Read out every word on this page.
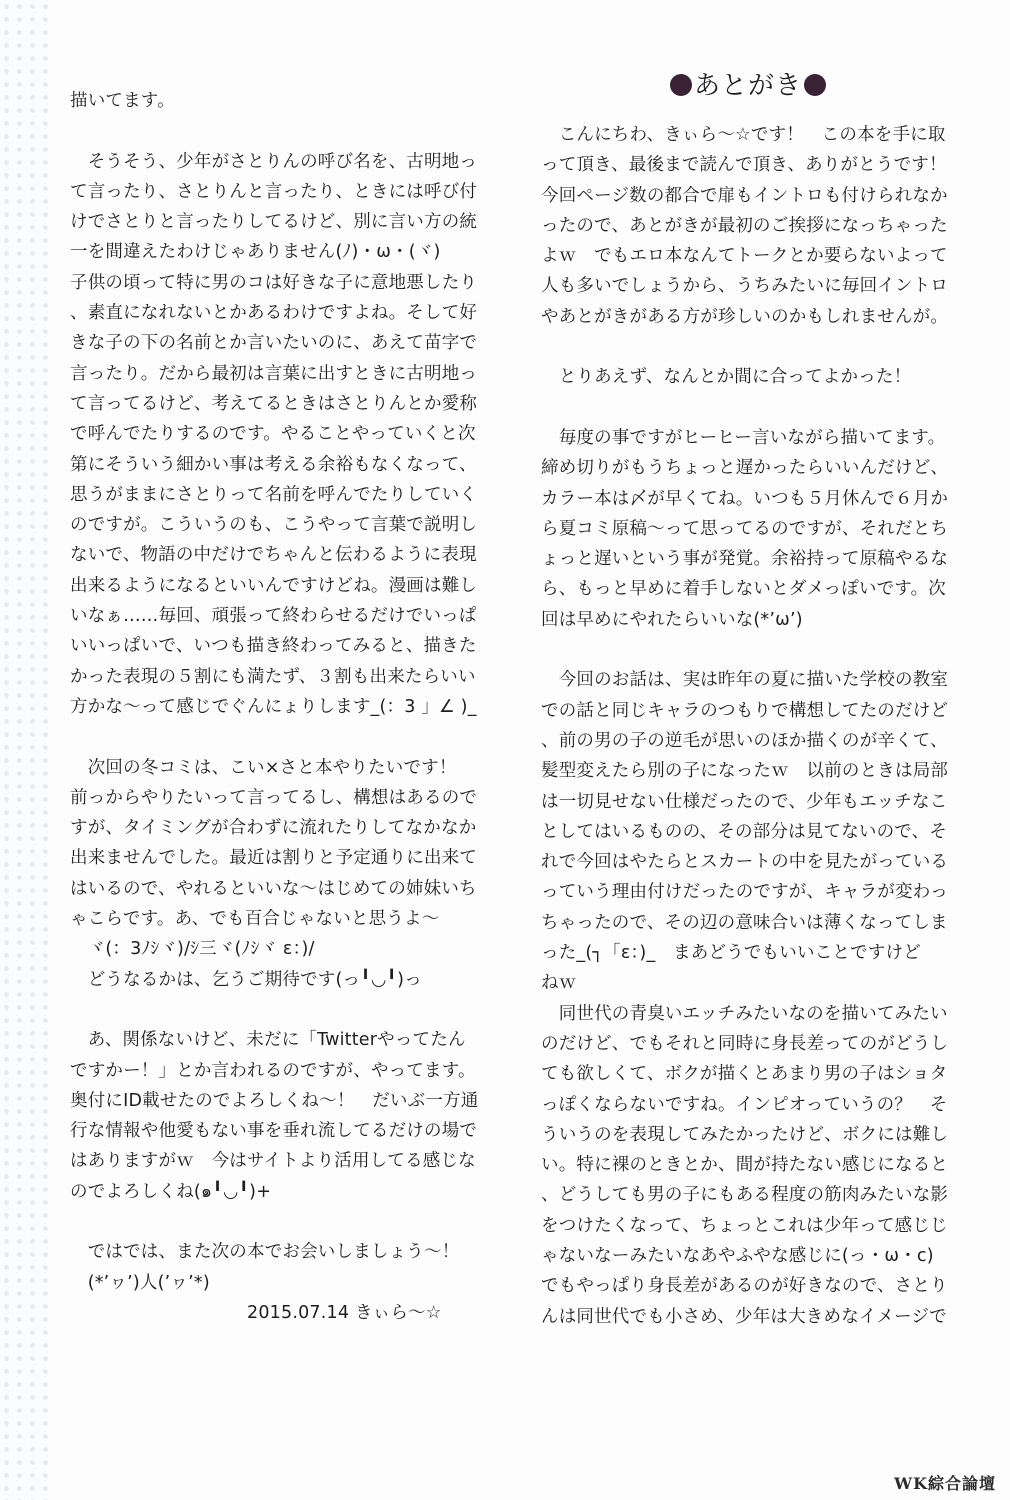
あとがき
描いてます。
　そうそう、少年がさとりんの呼び名を、古明地っ
て言ったり、さとりんと言ったり、ときには呼び付
けでさとりと言ったりしてるけど、別に言い方の統
一を間違えたわけじゃありません(ﾉ)・ω・(ヾ)
子供の頃って特に男のコは好きな子に意地悪したり
、素直になれないとかあるわけですよね。そして好
きな子の下の名前とか言いたいのに、あえて苗字で
言ったり。だから最初は言葉に出すときに古明地っ
て言ってるけど、考えてるときはさとりんとか愛称
で呼んでたりするのです。やることやっていくと次
第にそういう細かい事は考える余裕もなくなって、
思うがままにさとりって名前を呼んでたりしていく
のですが。こういうのも、こうやって言葉で説明し
ないで、物語の中だけでちゃんと伝わるように表現
出来るようになるといいんですけどね。漫画は難し
いなぁ……毎回、頑張って終わらせるだけでいっぱ
いいっぱいで、いつも描き終わってみると、描きた
かった表現の５割にも満たず、３割も出来たらいい
方かな～って感じでぐんにょりします_(：3 」∠ )_
　次回の冬コミは、こい×さと本やりたいです！
前っからやりたいって言ってるし、構想はあるので
すが、タイミングが合わずに流れたりしてなかなか
出来ませんでした。最近は割りと予定通りに出来て
はいるので、やれるといいな～はじめての姉妹いち
ゃこらです。あ、でも百合じゃないと思うよ～
　ヾ(：3ﾉｼヾ)/ｼ三ヾ(ﾉｼヾ ε：)/
　どうなるかは、乞うご期待です(っ╹◡╹)っ
　あ、関係ないけど、未だに「Twitterやってたん
ですかー！」とか言われるのですが、やってます。
奥付にID載せたのでよろしくね～！　だいぶ一方通
行な情報や他愛もない事を垂れ流してるだけの場で
はありますがｗ　今はサイトより活用してる感じな
のでよろしくね(๑╹◡╹)+
　ではでは、また次の本でお会いしましょう～！
　(*’ヮ’)人(’ヮ’*)
　　　　　　　　　　2015.07.14 きぃら～☆
　こんにちわ、きぃら～☆です！　この本を手に取
って頂き、最後まで読んで頂き、ありがとうです！
今回ページ数の都合で扉もイントロも付けられなか
ったので、あとがきが最初のご挨拶になっちゃった
よｗ　でもエロ本なんてトークとか要らないよって
人も多いでしょうから、うちみたいに毎回イントロ
やあとがきがある方が珍しいのかもしれませんが。
　とりあえず、なんとか間に合ってよかった！
　毎度の事ですがヒーヒー言いながら描いてます。
締め切りがもうちょっと遅かったらいいんだけど、
カラー本は〆が早くてね。いつも５月休んで６月か
ら夏コミ原稿～って思ってるのですが、それだとち
ょっと遅いという事が発覚。余裕持って原稿やるな
ら、もっと早めに着手しないとダメっぽいです。次
回は早めにやれたらいいな(*’ω’)
　今回のお話は、実は昨年の夏に描いた学校の教室
での話と同じキャラのつもりで構想してたのだけど
、前の男の子の逆毛が思いのほか描くのが辛くて、
髪型変えたら別の子になったｗ　以前のときは局部
は一切見せない仕様だったので、少年もエッチなこ
としてはいるものの、その部分は見てないので、そ
れで今回はやたらとスカートの中を見たがっている
っていう理由付けだったのですが、キャラが変わっ
ちゃったので、その辺の意味合いは薄くなってしま
った_(┐「ε：)_　まあどうでもいいことですけど
ねｗ
　同世代の青臭いエッチみたいなのを描いてみたい
のだけど、でもそれと同時に身長差ってのがどうし
ても欲しくて、ボクが描くとあまり男の子はショタ
っぽくならないですね。インピオっていうの？　そ
ういうのを表現してみたかったけど、ボクには難し
い。特に裸のときとか、間が持たない感じになると
、どうしても男の子にもある程度の筋肉みたいな影
をつけたくなって、ちょっとこれは少年って感じじ
ゃないなーみたいなあやふやな感じに(っ・ω・c)
でもやっぱり身長差があるのが好きなので、さとり
んは同世代でも小さめ、少年は大きめなイメージで
WK綜合論壇
